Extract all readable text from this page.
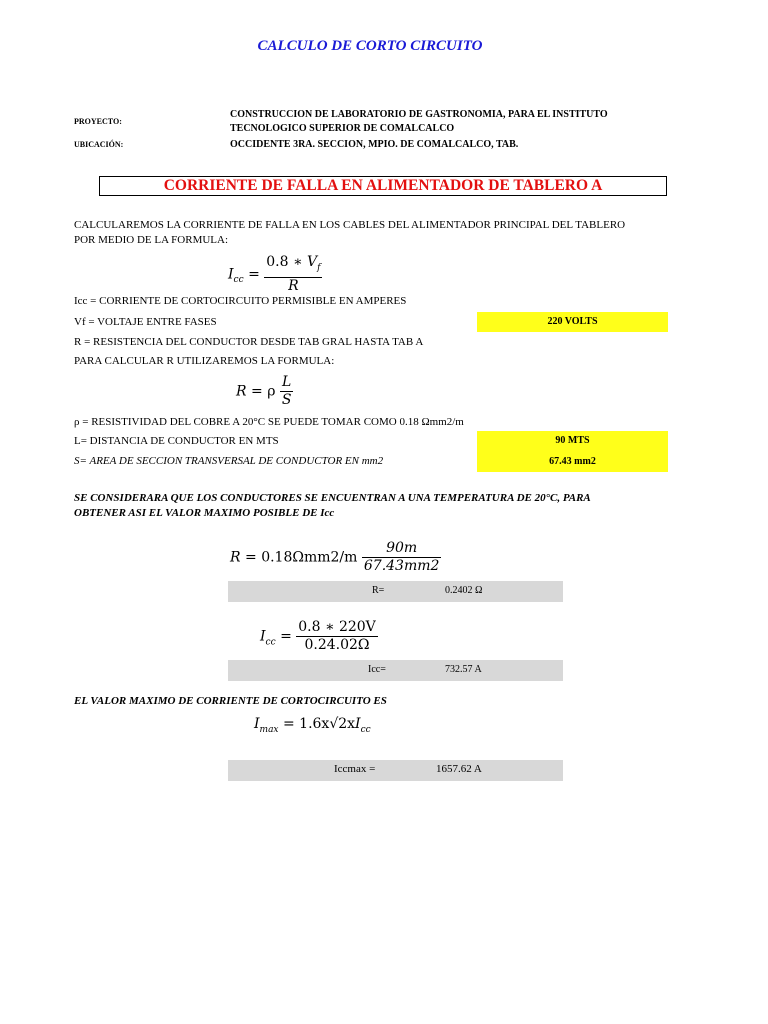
CALCULO DE CORTO CIRCUITO
PROYECTO:
CONSTRUCCION DE LABORATORIO DE GASTRONOMIA, PARA EL INSTITUTO
TECNOLOGICO SUPERIOR DE COMALCALCO
UBICACIÓN:	OCCIDENTE 3RA. SECCION, MPIO. DE COMALCALCO, TAB.
CORRIENTE DE FALLA EN ALIMENTADOR DE TABLERO A
CALCULAREMOS LA CORRIENTE DE FALLA EN LOS CABLES DEL ALIMENTADOR PRINCIPAL DEL TABLERO
POR MEDIO DE LA FORMULA:
$I_{cc} = \frac{0.8 ∗ V_f}{R}$
Icc = CORRIENTE DE CORTOCIRCUITO PERMISIBLE EN AMPERES
Vf = VOLTAJE ENTRE FASES	220 VOLTS
R = RESISTENCIA DEL CONDUCTOR DESDE TAB GRAL HASTA TAB A
PARA CALCULAR R UTILIZAREMOS LA FORMULA:
R = ρ $\frac{L}{S}$
ρ = RESISTIVIDAD DEL COBRE A 20°C SE PUEDE TOMAR COMO 0.18 Ωmm2/m
L= DISTANCIA DE CONDUCTOR EN MTS	90 MTS
S= AREA DE SECCION TRANSVERSAL DE CONDUCTOR EN mm2	67.43 mm2
SE CONSIDERARA QUE LOS CONDUCTORES SE ENCUENTRAN A UNA TEMPERATURA DE 20°C, PARA
OBTENER ASI EL VALOR MAXIMO POSIBLE DE Icc
$R = 0.18\Omega mm2/m \frac{90m}{67.43mm2}$
R=	0.2402 Ω
$I_{cc} = \frac{0.8 ∗ 220V}{0.24.02\Omega}$
Icc=	732.57 A
EL VALOR MAXIMO DE CORRIENTE DE CORTOCIRCUITO ES
$I_{max} = 1.6x√2xI_{cc}$
Iccmax =	1657.62 A
